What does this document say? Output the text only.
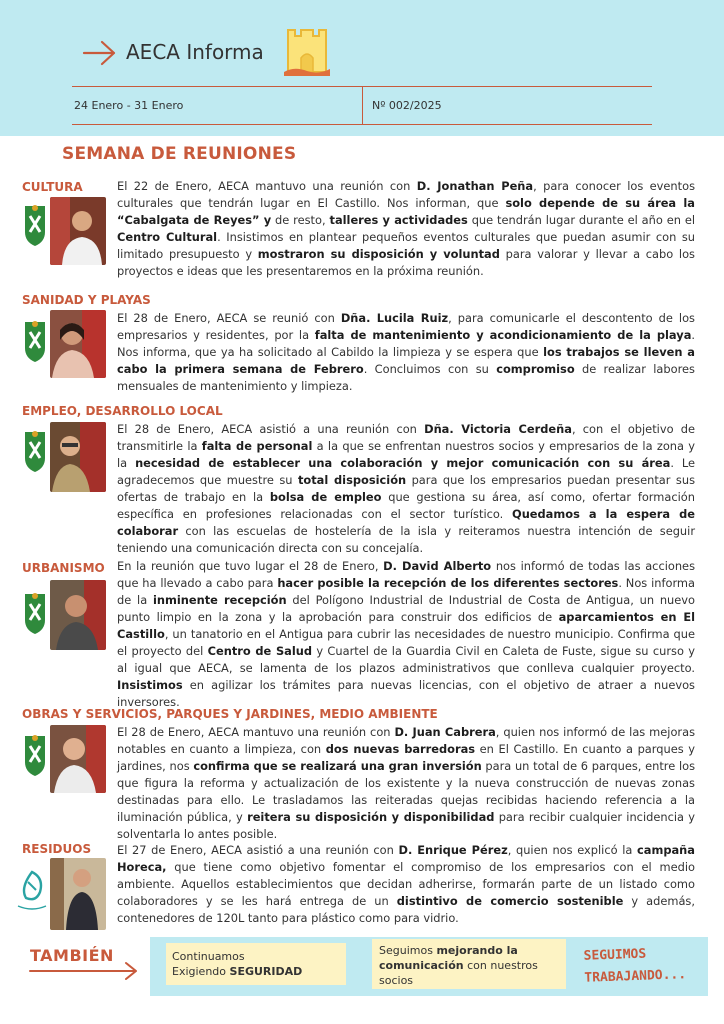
AECA Informa
24 Enero - 31 Enero	Nº 002/2025
SEMANA DE REUNIONES
CULTURA	El 22 de Enero, AECA mantuvo una reunión con D. Jonathan Peña, para conocer los eventos culturales que tendrán lugar en El Castillo. Nos informan, que solo depende de su área la “Cabalgata de Reyes” y de resto, talleres y actividades que tendrán lugar durante el año en el Centro Cultural. Insistimos en plantear pequeños eventos culturales que puedan asumir con su limitado presupuesto y mostraron su disposición y voluntad para valorar y llevar a cabo los proyectos e ideas que les presentaremos en la próxima reunión.
SANIDAD Y PLAYAS
El 28 de Enero, AECA se reunió con Dña. Lucila Ruiz, para comunicarle el descontento de los empresarios y residentes, por la falta de mantenimiento y acondicionamiento de la playa. Nos informa, que ya ha solicitado al Cabildo la limpieza y se espera que los trabajos se lleven a cabo la primera semana de Febrero. Concluimos con su compromiso de realizar labores mensuales de mantenimiento y limpieza.
EMPLEO, DESARROLLO LOCAL
El 28 de Enero, AECA asistió a una reunión con Dña. Victoria Cerdeña, con el objetivo de transmitirle la falta de personal a la que se enfrentan nuestros socios y empresarios de la zona y la necesidad de establecer una colaboración y mejor comunicación con su área. Le agradecemos que muestre su total disposición para que los empresarios puedan presentar sus ofertas de trabajo en la bolsa de empleo que gestiona su área, así como, ofertar formación específica en profesiones relacionadas con el sector turístico. Quedamos a la espera de colaborar con las escuelas de hostelería de la isla y reiteramos nuestra intención de seguir teniendo una comunicación directa con su concejalía.
URBANISMO En la reunión que tuvo lugar el 28 de Enero, D. David Alberto nos informó de todas las acciones que ha llevado a cabo para hacer posible la recepción de los diferentes sectores. Nos informa de la inminente recepción del Polígono Industrial de Industrial de Costa de Antigua, un nuevo punto limpio en la zona y la aprobación para construir dos edificios de aparcamientos en El Castillo, un tanatorio en el Antigua para cubrir las necesidades de nuestro municipio. Confirma que el proyecto del Centro de Salud y Cuartel de la Guardia Civil en Caleta de Fuste, sigue su curso y al igual que AECA, se lamenta de los plazos administrativos que conlleva cualquier proyecto. Insistimos en agilizar los trámites para nuevas licencias, con el objetivo de atraer a nuevos inversores.
OBRAS Y SERVICIOS, PARQUES Y JARDINES, MEDIO AMBIENTE
El 28 de Enero, AECA mantuvo una reunión con D. Juan Cabrera, quien nos informó de las mejoras notables en cuanto a limpieza, con dos nuevas barredoras en El Castillo. En cuanto a parques y jardines, nos confirma que se realizará una gran inversión para un total de 6 parques, entre los que figura la reforma y actualización de los existente y la nueva construcción de nuevas zonas destinadas para ello. Le trasladamos las reiteradas quejas recibidas haciendo referencia a la iluminación pública, y reitera su disposición y disponibilidad para recibir cualquier incidencia y solventarla lo antes posible.
RESIDUOS El 27 de Enero, AECA asistió a una reunión con D. Enrique Pérez, quien nos explicó la campaña Horeca, que tiene como objetivo fomentar el compromiso de los empresarios con el medio ambiente. Aquellos establecimientos que decidan adherirse, formarán parte de un listado como colaboradores y se les hará entrega de un distintivo de comercio sostenible y además, contenedores de 120L tanto para plástico como para vidrio.
TAMBIÉN	Continuamos
Exigiendo SEGURIDAD
Seguimos mejorando la comunicación con nuestros socios
SEGUIMOS
TRABAJANDO...
